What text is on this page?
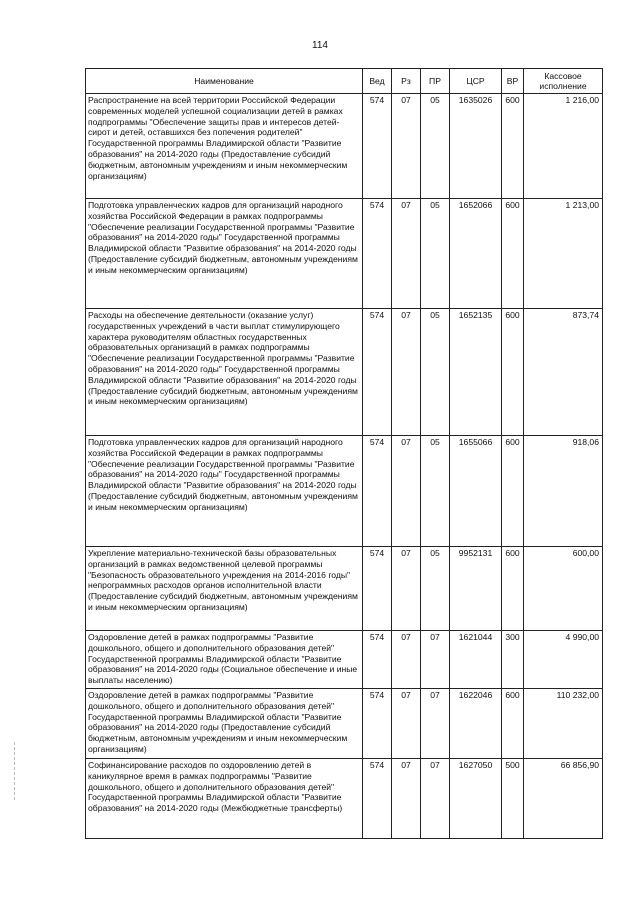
114
Наименование	Вед	Рз	ПР	ЦСР	ВР	Кассовое исполнение
Распространение на всей территории Российской Федерации современных моделей успешной социализации детей в рамках подпрограммы "Обеспечение защиты прав и интересов детей-сирот и детей, оставшихся без попечения родителей" Государственной программы Владимирской области "Развитие образования" на 2014-2020 годы (Предоставление субсидий бюджетным, автономным учреждениям и иным некоммерческим организациям)	574	07	05	1635026	600	1 216,00
Подготовка управленческих кадров для организаций народного хозяйства Российской Федерации в рамках подпрограммы "Обеспечение реализации Государственной программы "Развитие образования" на 2014-2020 годы" Государственной программы Владимирской области "Развитие образования" на 2014-2020 годы (Предоставление субсидий бюджетным, автономным учреждениям и иным некоммерческим организациям)	574	07	05	1652066	600	1 213,00
Расходы на обеспечение деятельности (оказание услуг) государственных учреждений в части выплат стимулирующего характера руководителям областных государственных образовательных организаций в рамках подпрограммы "Обеспечение реализации Государственной программы "Развитие образования" на 2014-2020 годы" Государственной программы Владимирской области "Развитие образования" на 2014-2020 годы (Предоставление субсидий бюджетным, автономным учреждениям и иным некоммерческим организациям)	574	07	05	1652135	600	873,74
Подготовка управленческих кадров для организаций народного хозяйства Российской Федерации в рамках подпрограммы "Обеспечение реализации Государственной программы "Развитие образования" на 2014-2020 годы" Государственной программы Владимирской области "Развитие образования" на 2014-2020 годы (Предоставление субсидий бюджетным, автономным учреждениям и иным некоммерческим организациям)	574	07	05	1655066	600	918,06
Укрепление материально-технической базы образовательных организаций в рамках ведомственной целевой программы "Безопасность образовательного учреждения на 2014-2016 годы" непрограммных расходов органов исполнительной власти (Предоставление субсидий бюджетным, автономным учреждениям и иным некоммерческим организациям)	574	07	05	9952131	600	600,00
Оздоровление детей в рамках подпрограммы "Развитие дошкольного, общего и дополнительного образования детей" Государственной программы Владимирской области "Развитие образования" на 2014-2020 годы (Социальное обеспечение и иные выплаты населению)	574	07	07	1621044	300	4 990,00
Оздоровление детей в рамках подпрограммы "Развитие дошкольного, общего и дополнительного образования детей" Государственной программы Владимирской области "Развитие образования" на 2014-2020 годы (Предоставление субсидий бюджетным, автономным учреждениям и иным некоммерческим организациям)	574	07	07	1622046	600	110 232,00
Софинансирование расходов по оздоровлению детей в каникулярное время в рамках подпрограммы "Развитие дошкольного, общего и дополнительного образования детей" Государственной программы Владимирской области "Развитие образования" на 2014-2020 годы (Межбюджетные трансферты)	574	07	07	1627050	500	66 856,90
